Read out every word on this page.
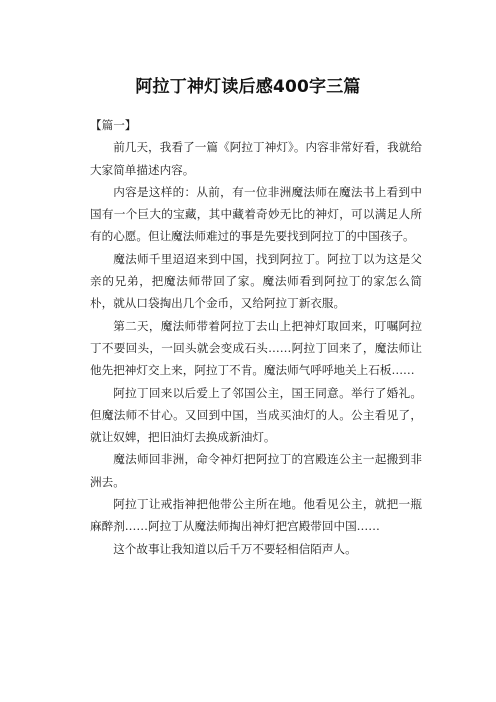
阿拉丁神灯读后感400字三篇

【篇一】

前几天，我看了一篇《阿拉丁神灯》。内容非常好看，我就给大家简单描述内容。

内容是这样的：从前，有一位非洲魔法师在魔法书上看到中国有一个巨大的宝藏，其中藏着奇妙无比的神灯，可以满足人所有的心愿。但让魔法师难过的事是先要找到阿拉丁的中国孩子。

魔法师千里迢迢来到中国，找到阿拉丁。阿拉丁以为这是父亲的兄弟，把魔法师带回了家。魔法师看到阿拉丁的家怎么简朴，就从口袋掏出几个金币，又给阿拉丁新衣服。

第二天，魔法师带着阿拉丁去山上把神灯取回来，叮嘱阿拉丁不要回头，一回头就会变成石头……阿拉丁回来了，魔法师让他先把神灯交上来，阿拉丁不肯。魔法师气呼呼地关上石板……

阿拉丁回来以后爱上了邻国公主，国王同意。举行了婚礼。但魔法师不甘心。又回到中国，当成买油灯的人。公主看见了，就让奴婢，把旧油灯去换成新油灯。

魔法师回非洲，命令神灯把阿拉丁的宫殿连公主一起搬到非洲去。

阿拉丁让戒指神把他带公主所在地。他看见公主，就把一瓶麻醉剂……阿拉丁从魔法师掏出神灯把宫殿带回中国……

这个故事让我知道以后千万不要轻相信陌声人。
